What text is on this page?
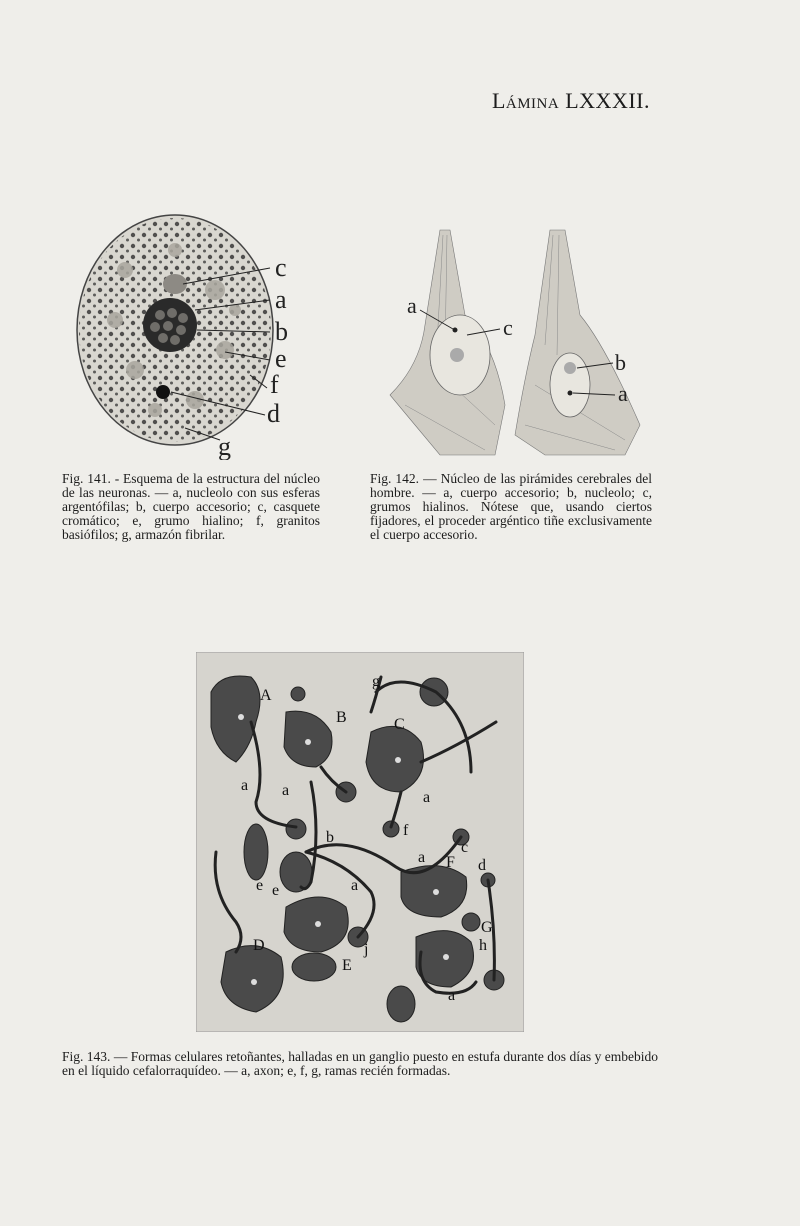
Lámina LXXXII.
c
a
b
e
f
d
g
Fig. 141. - Esquema de la estructura del núcleo de las neuronas. — a, nucleolo con sus esferas argentófilas; b, cuerpo accesorio; c, casquete cromático; e, grumo hialino; f, granitos basiófilos; g, armazón fibrilar.
a
c
b
a
Fig. 142. — Núcleo de las pirámides cerebrales del hombre. — a, cuerpo accesorio; b, nucleolo; c, grumos hialinos. Nótese que, usando ciertos fijadores, el proceder argéntico tiñe exclusivamente el cuerpo accesorio.
A
B	C
g
a a	a
b	f
c
F d
a
e e	a
D
G
h
E
j
a
Fig. 143. — Formas celulares retoñantes, halladas en un ganglio puesto en estufa durante dos días y embebido en el líquido cefalorraquídeo. — a, axon; e, f, g, ramas recién formadas.
